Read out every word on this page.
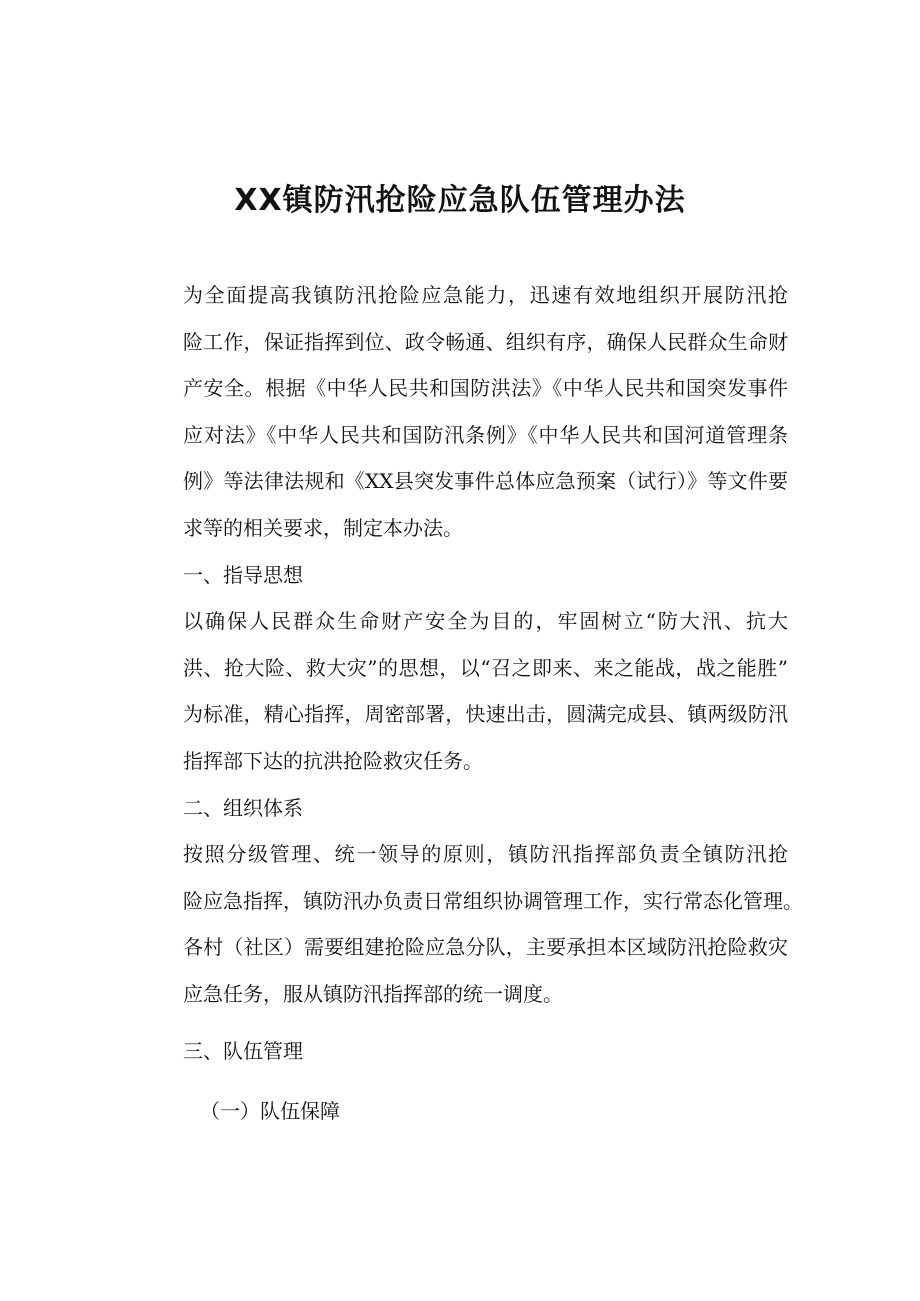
XX镇防汛抢险应急队伍管理办法

为全面提高我镇防汛抢险应急能力，迅速有效地组织开展防汛抢
险工作，保证指挥到位、政令畅通、组织有序，确保人民群众生命财
产安全。根据《中华人民共和国防洪法》《中华人民共和国突发事件
应对法》《中华人民共和国防汛条例》《中华人民共和国河道管理条
例》等法律法规和《XX县突发事件总体应急预案（试行）》等文件要
求等的相关要求，制定本办法。

一、指导思想

以确保人民群众生命财产安全为目的，牢固树立“防大汛、抗大
洪、抢大险、救大灾”的思想，以“召之即来、来之能战，战之能胜”
为标准，精心指挥，周密部署，快速出击，圆满完成县、镇两级防汛
指挥部下达的抗洪抢险救灾任务。

二、组织体系

按照分级管理、统一领导的原则，镇防汛指挥部负责全镇防汛抢
险应急指挥，镇防汛办负责日常组织协调管理工作，实行常态化管理。
各村（社区）需要组建抢险应急分队，主要承担本区域防汛抢险救灾
应急任务，服从镇防汛指挥部的统一调度。

三、队伍管理

（一）队伍保障
